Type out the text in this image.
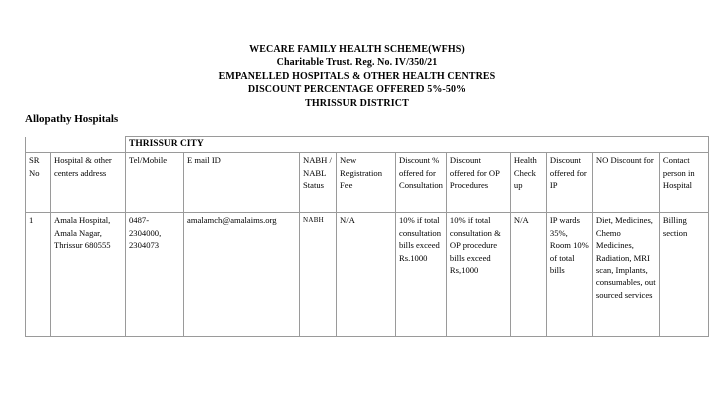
WECARE FAMILY HEALTH SCHEME(WFHS)
Charitable Trust. Reg. No. IV/350/21
EMPANELLED HOSPITALS & OTHER HEALTH CENTRES
DISCOUNT PERCENTAGE OFFERED 5%-50%
THRISSUR DISTRICT
Allopathy Hospitals
		THRISSUR CITY									
SR No	Hospital & other centers address	Tel/Mobile	E mail ID	NABH / NABL Status	New Registration Fee	Discount % offered for Consultation	Discount offered for OP Procedures	Health Check up	Discount offered for IP	NO Discount for	Contact person in Hospital
1	Amala Hospital, Amala Nagar, Thrissur 680555	0487-2304000, 2304073	amalamch@amalaims.org	NABH	N/A	10% if total consultation bills exceed Rs.1000	10% if total consultation & OP procedure bills exceed Rs,1000	N/A	IP wards 35%, Room 10% of total bills	Diet, Medicines, Chemo Medicines, Radiation, MRI scan, Implants, consumables, out sourced services	Billing section
